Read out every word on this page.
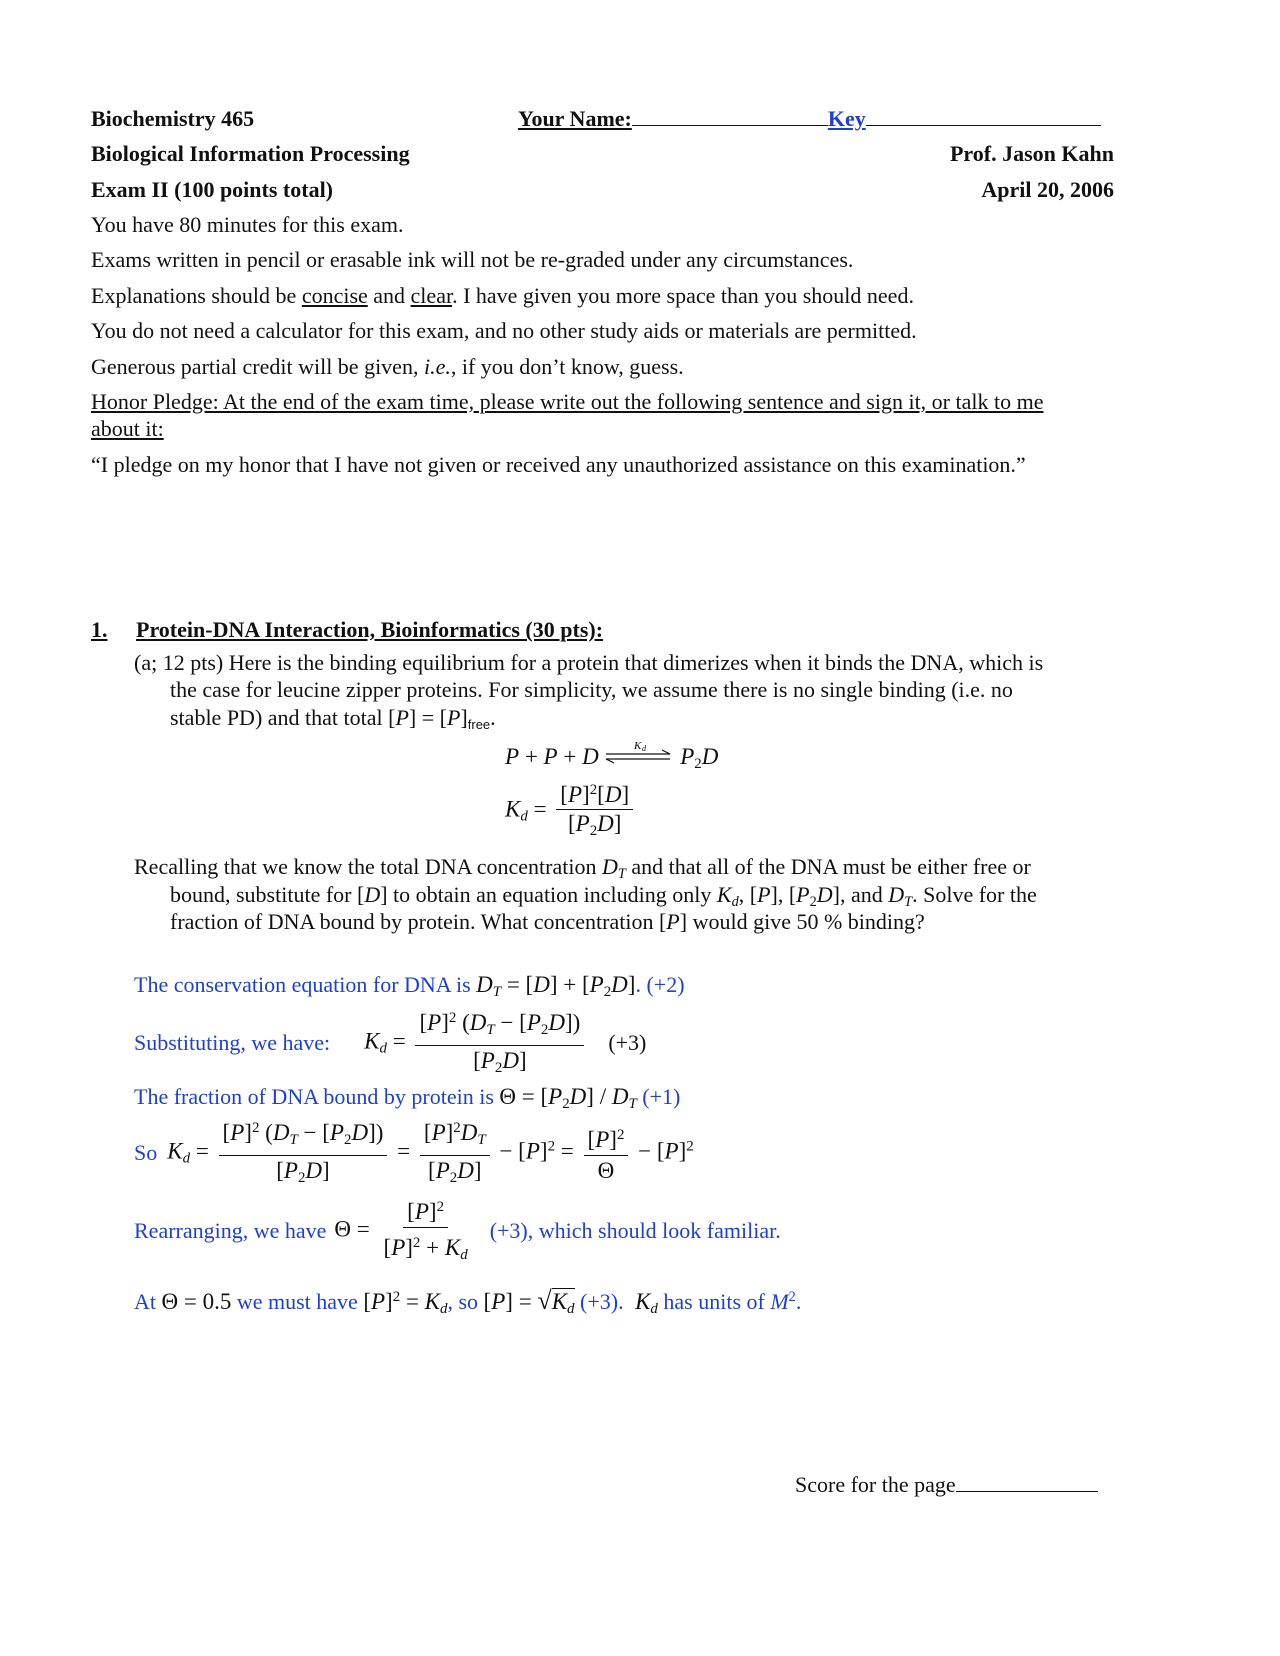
Biochemistry 465	Your Name:	Key
Biological Information Processing	Prof. Jason Kahn
Exam II (100 points total)	April 20, 2006
You have 80 minutes for this exam.
Exams written in pencil or erasable ink will not be re-graded under any circumstances.
Explanations should be concise and clear. I have given you more space than you should need.
You do not need a calculator for this exam, and no other study aids or materials are permitted.
Generous partial credit will be given, i.e., if you don’t know, guess.
Honor Pledge: At the end of the exam time, please write out the following sentence and sign it, or talk to me
about it:
“I pledge on my honor that I have not given or received any unauthorized assistance on this examination.”
1. Protein-DNA Interaction, Bioinformatics (30 pts):
(a; 12 pts) Here is the binding equilibrium for a protein that dimerizes when it binds the DNA, which is
the case for leucine zipper proteins. For simplicity, we assume there is no single binding (i.e. no
stable PD) and that total [P] = [P]free.
P + P + D	K d $P_2D$
$K_d = \frac{[P]^2[D]}{[P_2D]}$
Recalling that we know the total DNA concentration $D_T$ and that all of the DNA must be either free or
bound, substitute for [D] to obtain an equation including only $K_d$, [P], $[P_2D]$, and $D_T$. Solve for the
fraction of DNA bound by protein. What concentration [P] would give 50 % binding?
The conservation equation for DNA is $D_T = [D] + [P_2D]$. (+2)
Substituting, we have: $K_d = \frac{[P]^2 (D_T - [P_2D])}{[P_2D]} (+3)$
The fraction of DNA bound by protein is $\Theta = [P_2D] / D_T$ (+1)
So $K_d = \frac{[P]^2 (D_T - [P_2D])}{[P_2D]} = \frac{[P]^2D_T}{[P_2D]} - [P]^2 = \frac{[P]^2}{\Theta} - [P]^2$
Rearranging, we have $\Theta = \frac{[P]^2}{[P]^2 + K_d} (+3)$, which should look familiar.
At Θ = 0.5 we must have $[P]^2 = K_d$, so $[P] = √K_d$ (+3). $K_d$ has units of $M^2$.
Score for the page
